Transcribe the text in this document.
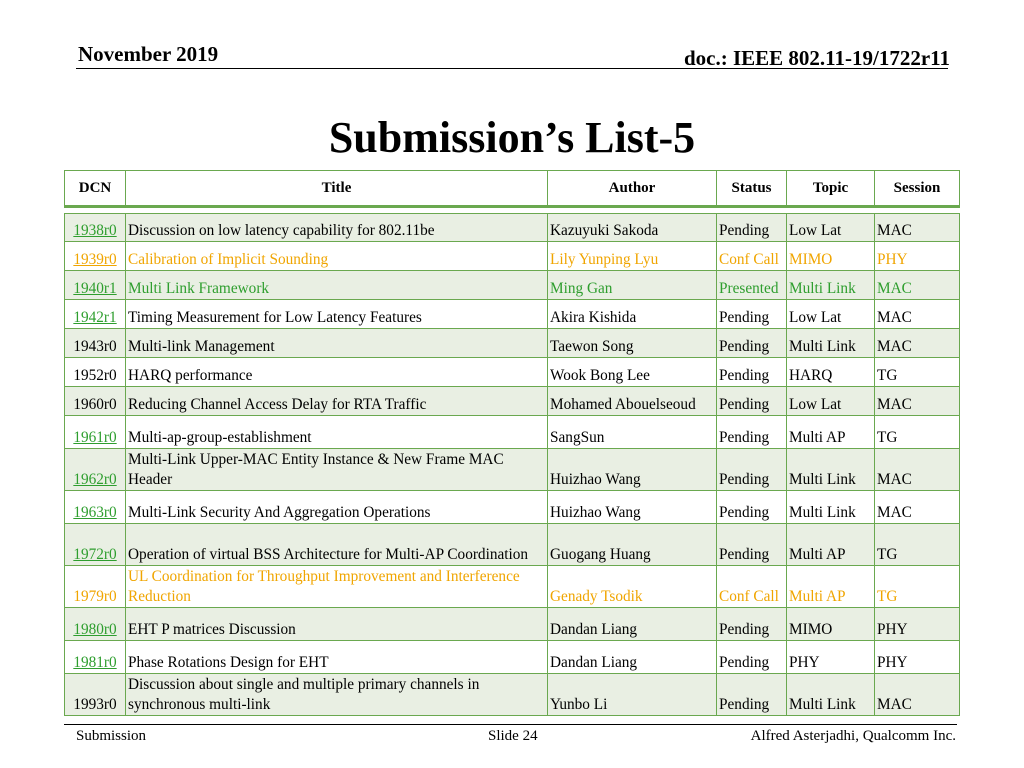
November 2019	doc.: IEEE 802.11-19/1722r11
Submission’s List-5
DCN	Title	Author	Status	Topic	Session

1938r0	Discussion on low latency capability for 802.11be	Kazuyuki Sakoda	Pending	Low Lat	MAC
1939r0	Calibration of Implicit Sounding	Lily Yunping Lyu	Conf Call	MIMO	PHY
1940r1	Multi Link Framework	Ming Gan	Presented	Multi Link	MAC
1942r1	Timing Measurement for Low Latency Features	Akira Kishida	Pending	Low Lat	MAC
1943r0	Multi-link Management	Taewon Song	Pending	Multi Link	MAC
1952r0	HARQ performance	Wook Bong Lee	Pending	HARQ	TG
1960r0	Reducing Channel Access Delay for RTA Traffic	Mohamed Abouelseoud	Pending	Low Lat	MAC
1961r0	Multi-ap-group-establishment	SangSun	Pending	Multi AP	TG
1962r0	Multi-Link Upper-MAC Entity Instance & New Frame MAC Header	Huizhao Wang	Pending	Multi Link	MAC
1963r0	Multi-Link Security And Aggregation Operations	Huizhao Wang	Pending	Multi Link	MAC
1972r0	Operation of virtual BSS Architecture for Multi-AP Coordination	Guogang Huang	Pending	Multi AP	TG
1979r0	UL Coordination for Throughput Improvement and Interference Reduction	Genady Tsodik	Conf Call	Multi AP	TG
1980r0	EHT P matrices Discussion	Dandan Liang	Pending	MIMO	PHY
1981r0	Phase Rotations Design for EHT	Dandan Liang	Pending	PHY	PHY
1993r0	Discussion about single and multiple primary channels in synchronous multi-link	Yunbo Li	Pending	Multi Link	MAC
Submission	Slide 24	Alfred Asterjadhi, Qualcomm Inc.
